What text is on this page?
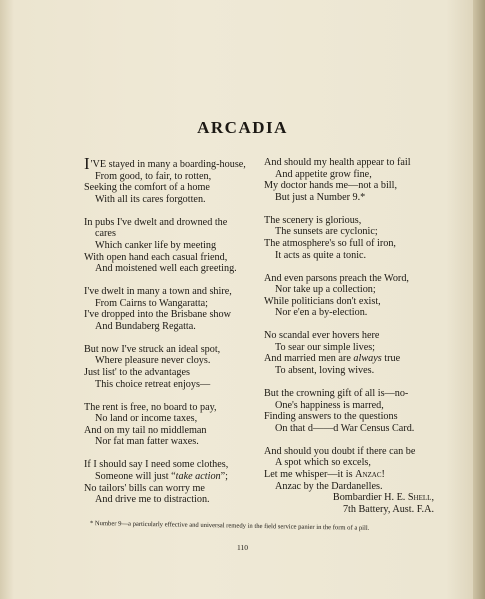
ARCADIA
I'VE stayed in many a boarding-house,
From good, to fair, to rotten,
Seeking the comfort of a home
With all its cares forgotten.
In pubs I've dwelt and drowned the
cares
Which canker life by meeting
With open hand each casual friend,
And moistened well each greeting.
I've dwelt in many a town and shire,
From Cairns to Wangaratta;
I've dropped into the Brisbane show
And Bundaberg Regatta.
But now I've struck an ideal spot,
Where pleasure never cloys.
Just list' to the advantages
This choice retreat enjoys—
The rent is free, no board to pay,
No land or income taxes,
And on my tail no middleman
Nor fat man fatter waxes.
If I should say I need some clothes,
Someone will just “take action”;
No tailors' bills can worry me
And drive me to distraction.
And should my health appear to fail
And appetite grow fine,
My doctor hands me—not a bill,
But just a Number 9.*
The scenery is glorious,
The sunsets are cyclonic;
The atmosphere's so full of iron,
It acts as quite a tonic.
And even parsons preach the Word,
Nor take up a collection;
While politicians don't exist,
Nor e'en a by-election.
No scandal ever hovers here
To sear our simple lives;
And married men are always true
To absent, loving wives.
But the crowning gift of all is—no-
One's happiness is marred,
Finding answers to the questions
On that d——d War Census Card.
And should you doubt if there can be
A spot which so excels,
Let me whisper—it is Anzac!
Anzac by the Dardanelles.
Bombardier H. E. Shell,
7th Battery, Aust. F.A.
* Number 9—a particularly effective and universal remedy in the field service panier in the form of a pill.
110
